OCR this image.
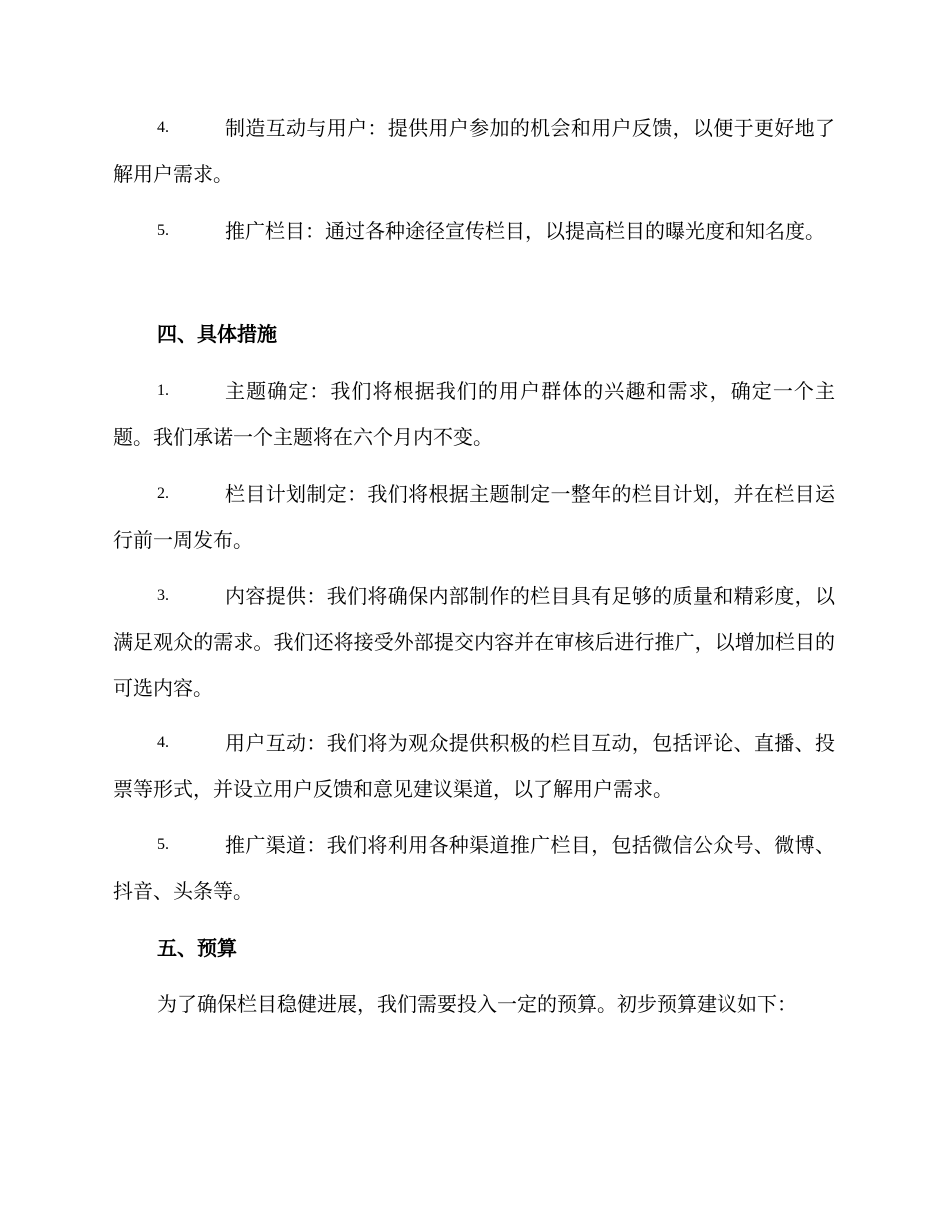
4.	制造互动与用户：提供用户参加的机会和用户反馈，以便于更好地了解用户需求。
5.	推广栏目：通过各种途径宣传栏目，以提高栏目的曝光度和知名度。
四、具体措施
1.	主题确定：我们将根据我们的用户群体的兴趣和需求，确定一个主题。我们承诺一个主题将在六个月内不变。
2.	栏目计划制定：我们将根据主题制定一整年的栏目计划，并在栏目运行前一周发布。
3.	内容提供：我们将确保内部制作的栏目具有足够的质量和精彩度，以满足观众的需求。我们还将接受外部提交内容并在审核后进行推广，以增加栏目的可选内容。
4.	用户互动：我们将为观众提供积极的栏目互动，包括评论、直播、投票等形式，并设立用户反馈和意见建议渠道，以了解用户需求。
5.	推广渠道：我们将利用各种渠道推广栏目，包括微信公众号、微博、抖音、头条等。
五、预算
为了确保栏目稳健进展，我们需要投入一定的预算。初步预算建议如下：
